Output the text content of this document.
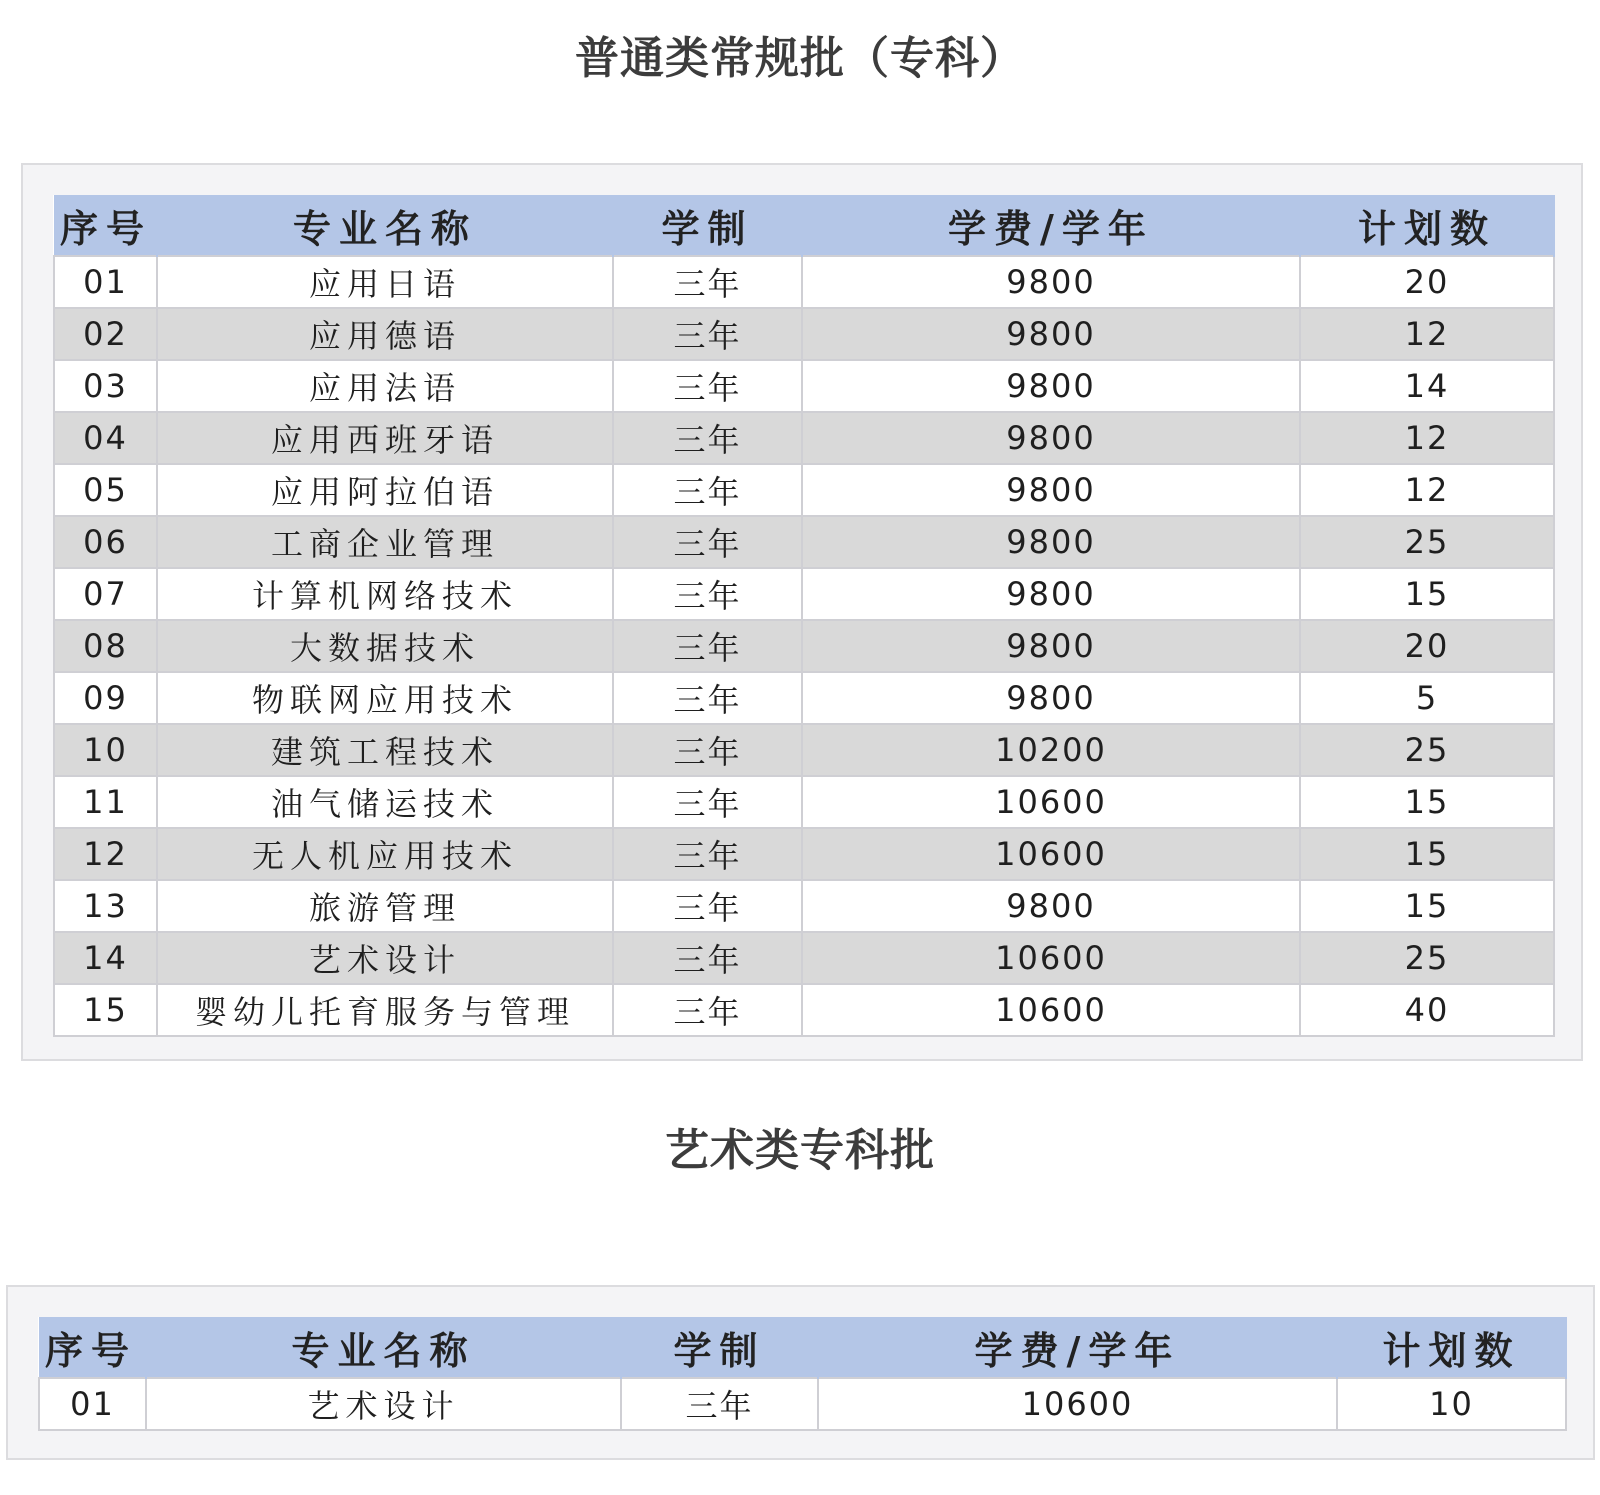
普通类常规批（专科）
序号	专业名称	学制	学费/学年	计划数
01	应用日语	三年	9800	20
02	应用德语	三年	9800	12
03	应用法语	三年	9800	14
04	应用西班牙语	三年	9800	12
05	应用阿拉伯语	三年	9800	12
06	工商企业管理	三年	9800	25
07	计算机网络技术	三年	9800	15
08	大数据技术	三年	9800	20
09	物联网应用技术	三年	9800	5
10	建筑工程技术	三年	10200	25
11	油气储运技术	三年	10600	15
12	无人机应用技术	三年	10600	15
13	旅游管理	三年	9800	15
14	艺术设计	三年	10600	25
15	婴幼儿托育服务与管理	三年	10600	40
艺术类专科批
序号	专业名称	学制	学费/学年	计划数
01	艺术设计	三年	10600	10
